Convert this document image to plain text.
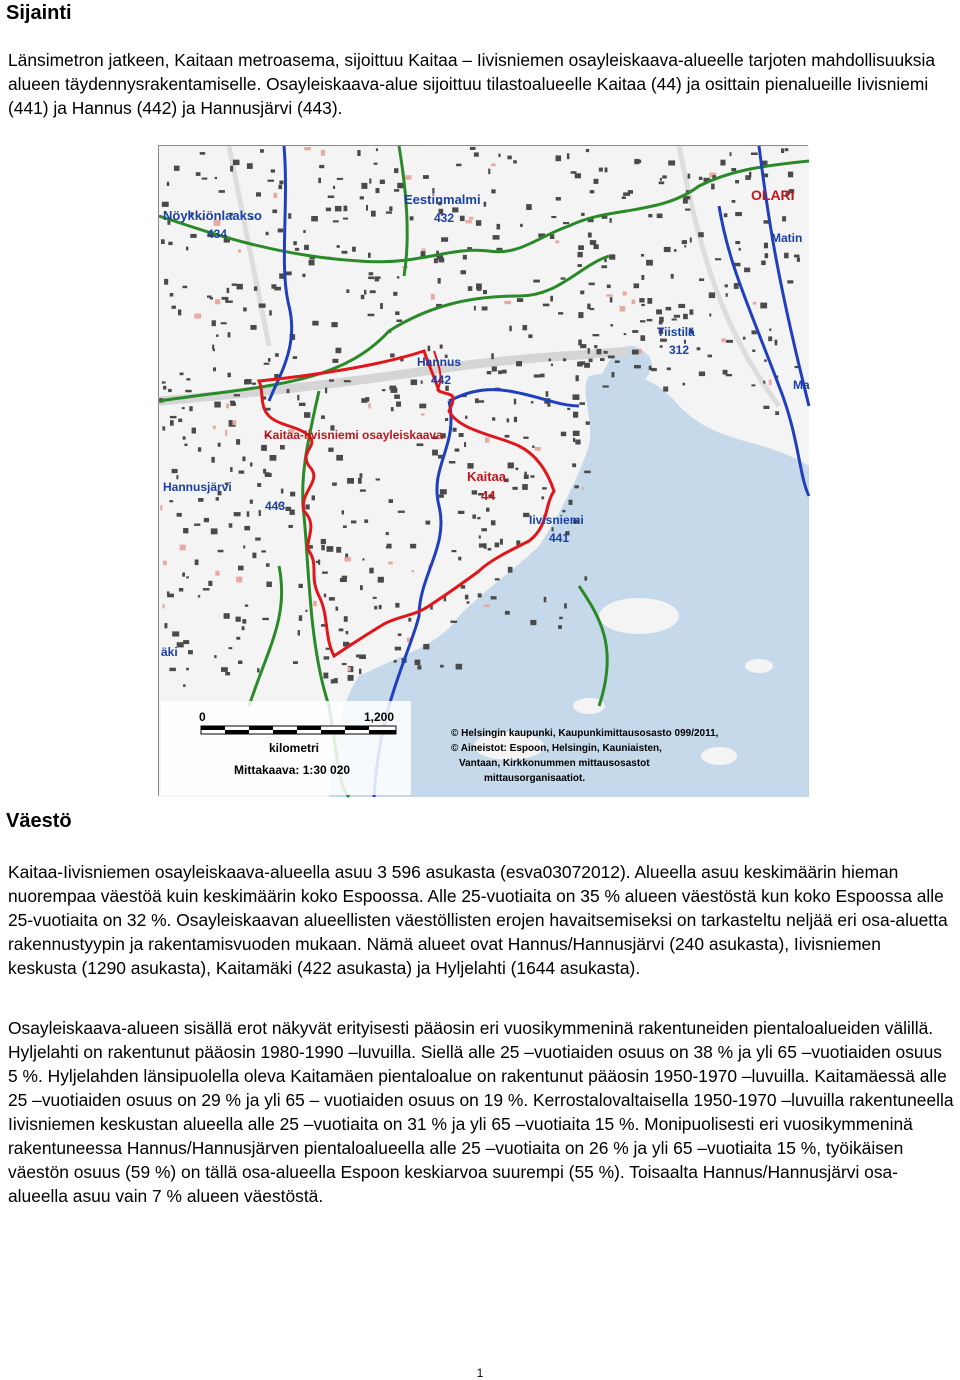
Sijainti

Länsimetron jatkeen, Kaitaan metroasema, sijoittuu Kaitaa – Iivisniemen osayleiskaava-alueelle tarjoten mahdollisuuksia alueen täydennysrakentamiselle. Osayleiskaava-alue sijoittuu tilastoalueelle Kaitaa (44) ja osittain pienalueille Iivisniemi (441) ja Hannus (442) ja Hannusjärvi (443).

Nöykkiönlaakso
434
Eestinmalmi
432
OLARI
Matin
Tiistilä
312
Ma
Hannus
442
Kaitaa-Iivisniemi osayleiskaava
Hannusjärvi
443
Kaitaa
44
Iivisniemi
441
äki
0	1,200
kilometri
Mittakaava: 1:30 020
© Helsingin kaupunki, Kaupunkimittausosasto 099/2011,
© Aineistot: Espoon, Helsingin, Kauniaisten,
Vantaan, Kirkkonummen mittausosastot
mittausorganisaatiot.
Väestö

Kaitaa-Iivisniemen osayleiskaava-alueella asuu 3 596 asukasta (esva03072012). Alueella asuu keskimäärin hieman nuorempaa väestöä kuin keskimäärin koko Espoossa. Alle 25-vuotiaita on 35 % alueen väestöstä kun koko Espoossa alle 25-vuotiaita on 32 %. Osayleiskaavan alueellisten väestöllisten erojen havaitsemiseksi on tarkasteltu neljää eri osa-aluetta rakennustyypin ja rakentamisvuoden mukaan. Nämä alueet ovat Hannus/Hannusjärvi (240 asukasta), Iivisniemen keskusta (1290 asukasta), Kaitamäki (422 asukasta) ja Hyljelahti (1644 asukasta).

Osayleiskaava-alueen sisällä erot näkyvät erityisesti pääosin eri vuosikymmeninä rakentuneiden pientaloalueiden välillä. Hyljelahti on rakentunut pääosin 1980-1990 –luvuilla. Siellä alle 25 –vuotiaiden osuus on 38 % ja yli 65 –vuotiaiden osuus 5 %. Hyljelahden länsipuolella oleva Kaitamäen pientaloalue on rakentunut pääosin 1950-1970 –luvuilla. Kaitamäessä alle 25 –vuotiaiden osuus on 29 % ja yli 65 – vuotiaiden osuus on 19 %. Kerrostalovaltaisella 1950-1970 –luvuilla rakentuneella Iivisniemen keskustan alueella alle 25 –vuotiaita on 31 % ja yli 65 –vuotiaita 15 %. Monipuolisesti eri vuosikymmeninä rakentuneessa Hannus/Hannusjärven pientaloalueella alle 25 –vuotiaita on 26 % ja yli 65 –vuotiaita 15 %, työikäisen väestön osuus (59 %) on tällä osa-alueella Espoon keskiarvoa suurempi (55 %). Toisaalta Hannus/Hannusjärvi osa-alueella asuu vain 7 % alueen väestöstä.

1
